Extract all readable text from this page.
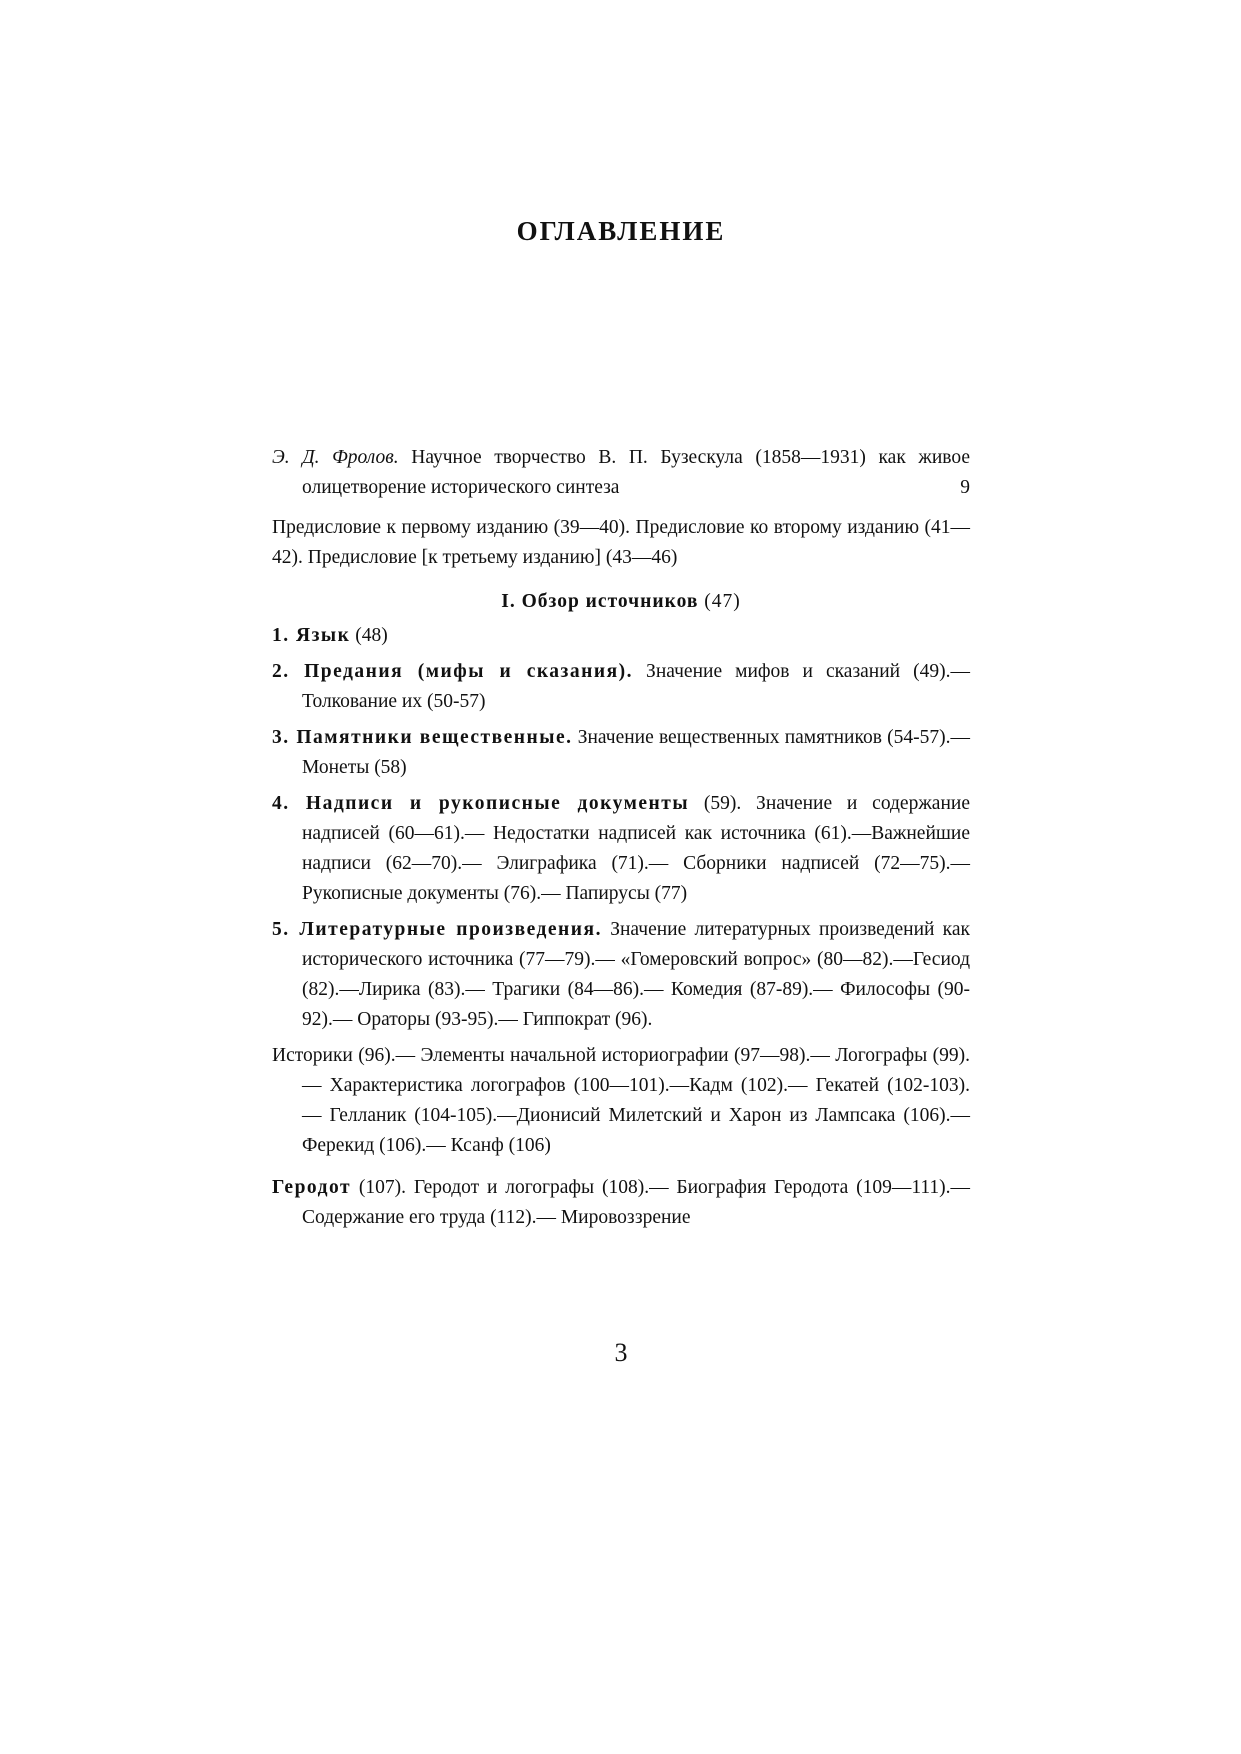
ОГЛАВЛЕНИЕ

Э. Д. Фролов. Научное творчество В. П. Бузескула (1858—1931) как живое олицетворение исторического синтеза	9

Предисловие к первому изданию (39—40). Предисловие ко второму изданию (41—42). Предисловие [к третьему изданию] (43—46)

I. Обзор источников (47)

1. Язык (48)

2. Предания (мифы и сказания). Значение мифов и сказаний (49).— Толкование их (50-57)

3. Памятники вещественные. Значение вещественных памятников (54-57).— Монеты (58)

4. Надписи и рукописные документы (59). Значение и содержание надписей (60—61).— Недостатки надписей как источника (61).—Важнейшие надписи (62—70).— Элиграфика (71).— Сборники надписей (72—75).— Рукописные документы (76).— Папирусы (77)

5. Литературные произведения. Значение литературных произведений как исторического источника (77—79).— «Гомеровский вопрос» (80—82).—Гесиод (82).—Лирика (83).— Трагики (84—86).— Комедия (87-89).— Философы (90-92).— Ораторы (93-95).— Гиппократ (96).

Историки (96).— Элементы начальной историографии (97—98).— Логографы (99).— Характеристика логографов (100—101).—Кадм (102).— Гекатей (102-103).— Гелланик (104-105).—Дионисий Милетский и Харон из Лампсака (106).— Ферекид (106).— Ксанф (106)

Геродот (107). Геродот и логографы (108).— Биография Геродота (109—111).— Содержание его труда (112).— Мировоззрение

3
